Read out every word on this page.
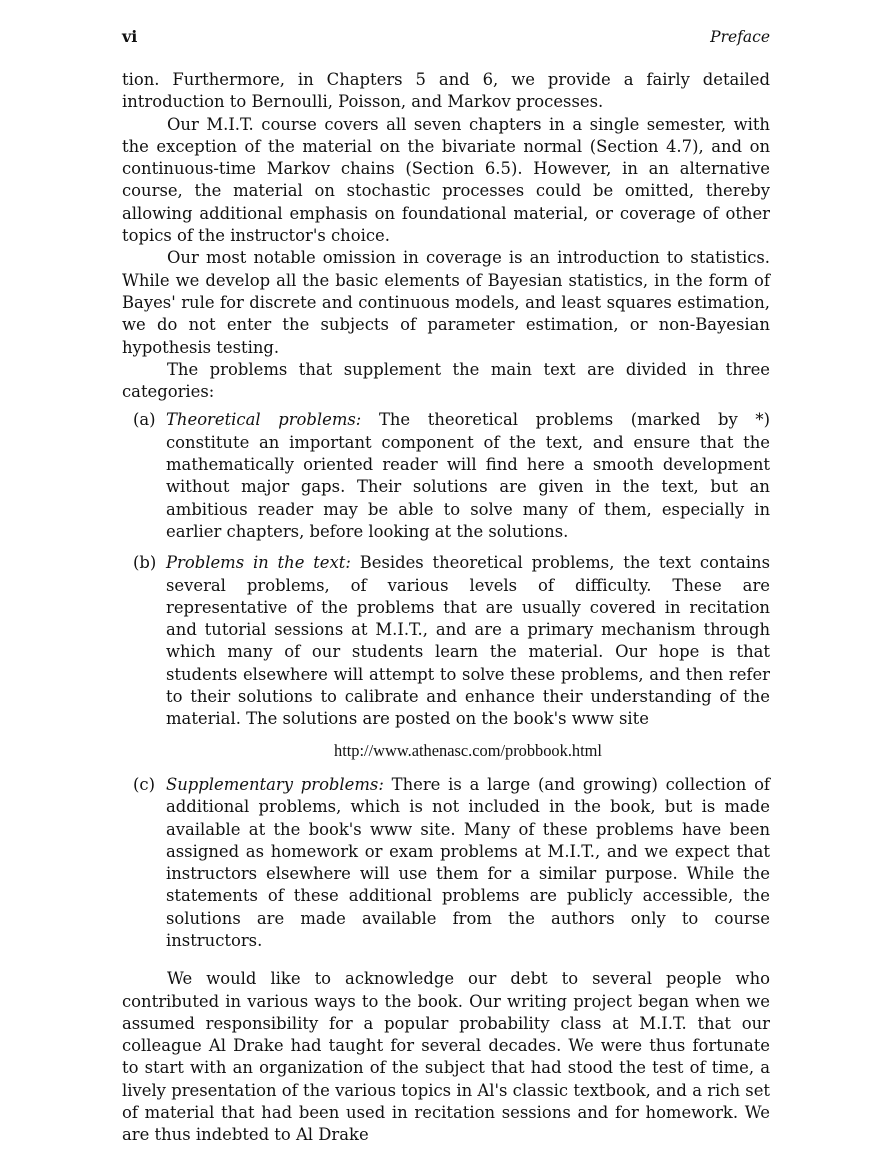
vi	Preface

tion. Furthermore, in Chapters 5 and 6, we provide a fairly detailed introduction to Bernoulli, Poisson, and Markov processes.

Our M.I.T. course covers all seven chapters in a single semester, with the exception of the material on the bivariate normal (Section 4.7), and on continuous-time Markov chains (Section 6.5). However, in an alternative course, the material on stochastic processes could be omitted, thereby allowing additional emphasis on foundational material, or coverage of other topics of the instructor's choice.

Our most notable omission in coverage is an introduction to statistics. While we develop all the basic elements of Bayesian statistics, in the form of Bayes' rule for discrete and continuous models, and least squares estimation, we do not enter the subjects of parameter estimation, or non-Bayesian hypothesis testing.

The problems that supplement the main text are divided in three categories:

(a) Theoretical problems: The theoretical problems (marked by *) constitute an important component of the text, and ensure that the mathematically oriented reader will find here a smooth development without major gaps. Their solutions are given in the text, but an ambitious reader may be able to solve many of them, especially in earlier chapters, before looking at the solutions.
(b) Problems in the text: Besides theoretical problems, the text contains several problems, of various levels of difficulty. These are representative of the problems that are usually covered in recitation and tutorial sessions at M.I.T., and are a primary mechanism through which many of our students learn the material. Our hope is that students elsewhere will attempt to solve these problems, and then refer to their solutions to calibrate and enhance their understanding of the material. The solutions are posted on the book's www site
http://www.athenasc.com/probbook.html
(c) Supplementary problems: There is a large (and growing) collection of additional problems, which is not included in the book, but is made available at the book's www site. Many of these problems have been assigned as homework or exam problems at M.I.T., and we expect that instructors elsewhere will use them for a similar purpose. While the statements of these additional problems are publicly accessible, the solutions are made available from the authors only to course instructors.

We would like to acknowledge our debt to several people who contributed in various ways to the book. Our writing project began when we assumed responsibility for a popular probability class at M.I.T. that our colleague Al Drake had taught for several decades. We were thus fortunate to start with an organization of the subject that had stood the test of time, a lively presentation of the various topics in Al's classic textbook, and a rich set of material that had been used in recitation sessions and for homework. We are thus indebted to Al Drake
